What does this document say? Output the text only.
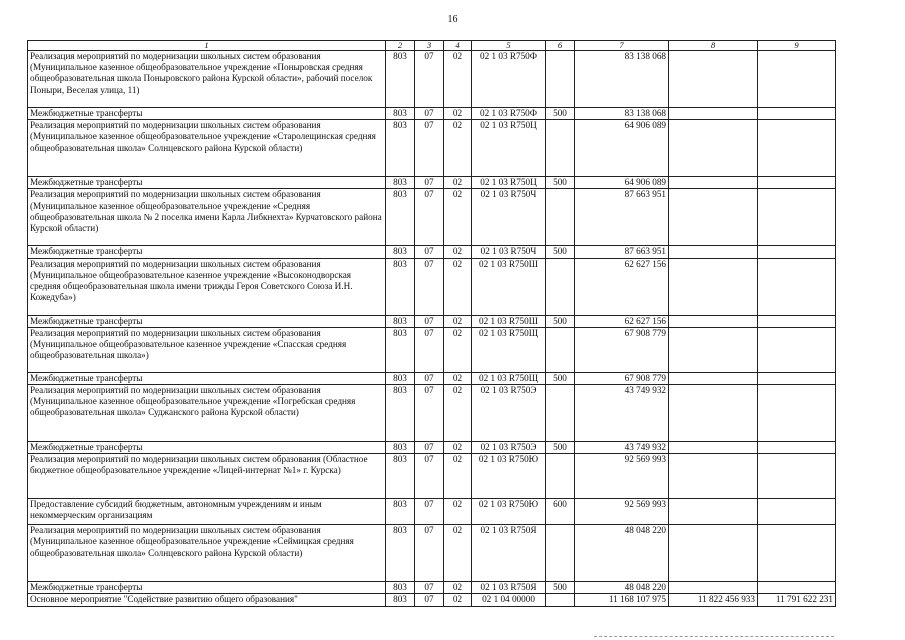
16
1	2	3	4	5	6	7	8	9
Реализация мероприятий по модернизации школьных систем образования (Муниципальное казенное общеобразовательное учреждение «Поныровская средняя общеобразовательная школа Поныровского района Курской области», рабочий поселок Поныри, Веселая улица, 11)	803	07	02	02 1 03 R750Ф		83 138 068		
Межбюджетные трансферты	803	07	02	02 1 03 R750Ф	500	83 138 068		
Реализация мероприятий по модернизации школьных систем образования (Муниципальное казенное общеобразовательное учреждение «Старолещинская средняя общеобразовательная школа» Солнцевского района Курской области)	803	07	02	02 1 03 R750Ц		64 906 089		
Межбюджетные трансферты	803	07	02	02 1 03 R750Ц	500	64 906 089		
Реализация мероприятий по модернизации школьных систем образования (Муниципальное казенное общеобразовательное учреждение «Средняя общеобразовательная школа № 2 поселка имени Карла Либкнехта» Курчатовского района Курской области)	803	07	02	02 1 03 R750Ч		87 663 951		
Межбюджетные трансферты	803	07	02	02 1 03 R750Ч	500	87 663 951		
Реализация мероприятий по модернизации школьных систем образования (Муниципальное общеобразовательное казенное учреждение «Высоконодворская средняя общеобразовательная школа имени трижды Героя Советского Союза И.Н. Кожедуба»)	803	07	02	02 1 03 R750Ш		62 627 156		
Межбюджетные трансферты	803	07	02	02 1 03 R750Ш	500	62 627 156		
Реализация мероприятий по модернизации школьных систем образования (Муниципальное общеобразовательное казенное учреждение «Спасская средняя общеобразовательная школа»)	803	07	02	02 1 03 R750Щ		67 908 779		
Межбюджетные трансферты	803	07	02	02 1 03 R750Щ	500	67 908 779		
Реализация мероприятий по модернизации школьных систем образования (Муниципальное казенное общеобразовательное учреждение «Погребская средняя общеобразовательная школа» Суджанского района Курской области)	803	07	02	02 1 03 R750Э		43 749 932		
Межбюджетные трансферты	803	07	02	02 1 03 R750Э	500	43 749 932		
Реализация мероприятий по модернизации школьных систем образования (Областное бюджетное общеобразовательное учреждение «Лицей-интернат №1» г. Курска)	803	07	02	02 1 03 R750Ю		92 569 993		
Предоставление субсидий бюджетным, автономным учреждениям и иным некоммерческим организациям	803	07	02	02 1 03 R750Ю	600	92 569 993		
Реализация мероприятий по модернизации школьных систем образования (Муниципальное казенное общеобразовательное учреждение «Сеймицкая средняя общеобразовательная школа» Солнцевского района Курской области)	803	07	02	02 1 03 R750Я		48 048 220		
Межбюджетные трансферты	803	07	02	02 1 03 R750Я	500	48 048 220		
Основное мероприятие "Содействие развитию общего образования"	803	07	02	02 1 04 00000		11 168 107 975	11 822 456 933	11 791 622 231
